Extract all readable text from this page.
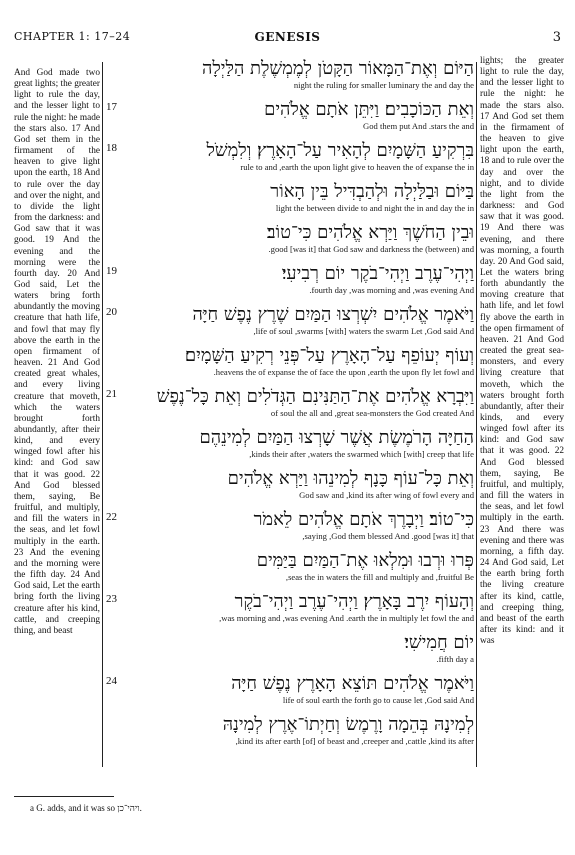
CHAPTER 1: 17–24	GENESIS	3
And God made two great lights; the greater light to rule the day, and the lesser light to rule the night: he made the stars also. 17 And God set them in the firmament of the heaven to give light upon the earth, 18 And to rule over the day and over the night, and to divide the light from the darkness: and God saw that it was good. 19 And the evening and the morning were the fourth day. 20 And God said, Let the waters bring forth abundantly the moving creature that hath life, and fowl that may fly above the earth in the open firmament of heaven. 21 And God created great whales, and every living creature that moveth, which the waters brought forth abundantly, after their kind, and every winged fowl after his kind: and God saw that it was good. 22 And God blessed them, saying, Be fruitful, and multiply, and fill the waters in the seas, and let fowl multiply in the earth. 23 And the evening and the morning were the fifth day. 24 And God said, Let the earth bring forth the living creature after his kind, cattle, and creeping thing, and beast
הַיּוֹם וְאֶת־הַמָּאוֹר הַקָּטֹן לְמֶמְשֶׁלֶת הַלַּיְלָה
night the ruling for smaller luminary the and day the
וְאֵת הַכּוֹכָבִים׃ וַיִּתֵּן אֹתָם אֱלֹהִים
God them put And .stars the and
17
בִּרְקִיעַ הַשָּׁמָיִם לְהָאִיר עַל־הָאָרֶץ׃ וְלִמְשֹׁל
rule to and ,earth the upon light give to heaven the of expanse the in
18
בַּיּוֹם וּבַלַּיְלָה וּלְהַבְדִּיל בֵּין הָאוֹר
light the between divide to and night the in and day the in
וּבֵין הַחֹשֶׁךְ וַיַּרְא אֱלֹהִים כִּי־טוֹב׃
.good [was it] that God saw and darkness the (between) and
וַיְהִי־עֶרֶב וַיְהִי־בֹקֶר יוֹם רְבִיעִי׃
.fourth day ,was morning and ,was evening And
19
וַיֹּאמֶר אֱלֹהִים יִשְׁרְצוּ הַמַּיִם שֶׁרֶץ נֶפֶשׁ חַיָּה
,life of soul ,swarms [with] waters the swarm Let ,God said And
20
וְעוֹף יְעוֹפֵף עַל־הָאָרֶץ עַל־פְּנֵי רְקִיעַ הַשָּׁמָיִם׃
.heavens the of expanse the of face the upon ,earth the upon fly let fowl and
וַיִּבְרָא אֱלֹהִים אֶת־הַתַּנִּינִם הַגְּדֹלִים וְאֵת כָּל־נֶפֶשׁ
of soul the all and ,great sea-monsters the God created And
21
הַחַיָּה הָרֹמֶשֶׂת אֲשֶׁר שָׁרְצוּ הַמַּיִם לְמִינֵהֶם
,kinds their after ,waters the swarmed which [with] creep that life
וְאֵת כָּל־עוֹף כָּנָף לְמִינֵהוּ וַיַּרְא אֱלֹהִים
God saw and ,kind its after wing of fowl every and
כִּי־טוֹב׃ וַיְבָרֶךְ אֹתָם אֱלֹהִים לֵאמֹר
,saying ,God them blessed And .good [was it] that
22
פְּרוּ וּרְבוּ וּמִלְאוּ אֶת־הַמַּיִם בַּיַּמִּים
,seas the in waters the fill and multiply and ,fruitful Be
וְהָעוֹף יִרֶב בָּאָרֶץ׃ וַיְהִי־עֶרֶב וַיְהִי־בֹקֶר
,was morning and ,was evening And .earth the in multiply let fowl the and
23
יוֹם חֲמִישִׁי׃
.fifth day a
וַיֹּאמֶר אֱלֹהִים תּוֹצֵא הָאָרֶץ נֶפֶשׁ חַיָּה
life of soul earth the forth go to cause let ,God said And
24
לְמִינָהּ בְּהֵמָה וָרֶמֶשׂ וְחַיְתוֹ־אֶרֶץ לְמִינָהּ
,kind its after earth [of] of beast and ,creeper and ,cattle ,kind its after
lights; the greater light to rule the day, and the lesser light to rule the night: he made the stars also. 17 And God set them in the firmament of the heaven to give light upon the earth, 18 and to rule over the day and over the night, and to divide the light from the darkness: and God saw that it was good. 19 And there was evening, and there was morning, a fourth day. 20 And God said, Let the waters bring forth abundantly the moving creature that hath life, and let fowl fly above the earth in the open firmament of heaven. 21 And God created the great sea-monsters, and every living creature that moveth, which the waters brought forth abundantly, after their kinds, and every winged fowl after its kind: and God saw that it was good. 22 And God blessed them, saying, Be fruitful, and multiply, and fill the waters in the seas, and let fowl multiply in the earth. 23 And there was evening and there was morning, a fifth day. 24 And God said, Let the earth bring forth the living creature after its kind, cattle, and creeping thing, and beast of the earth after its kind: and it was
a G. adds, and it was so ויהי־כן.
